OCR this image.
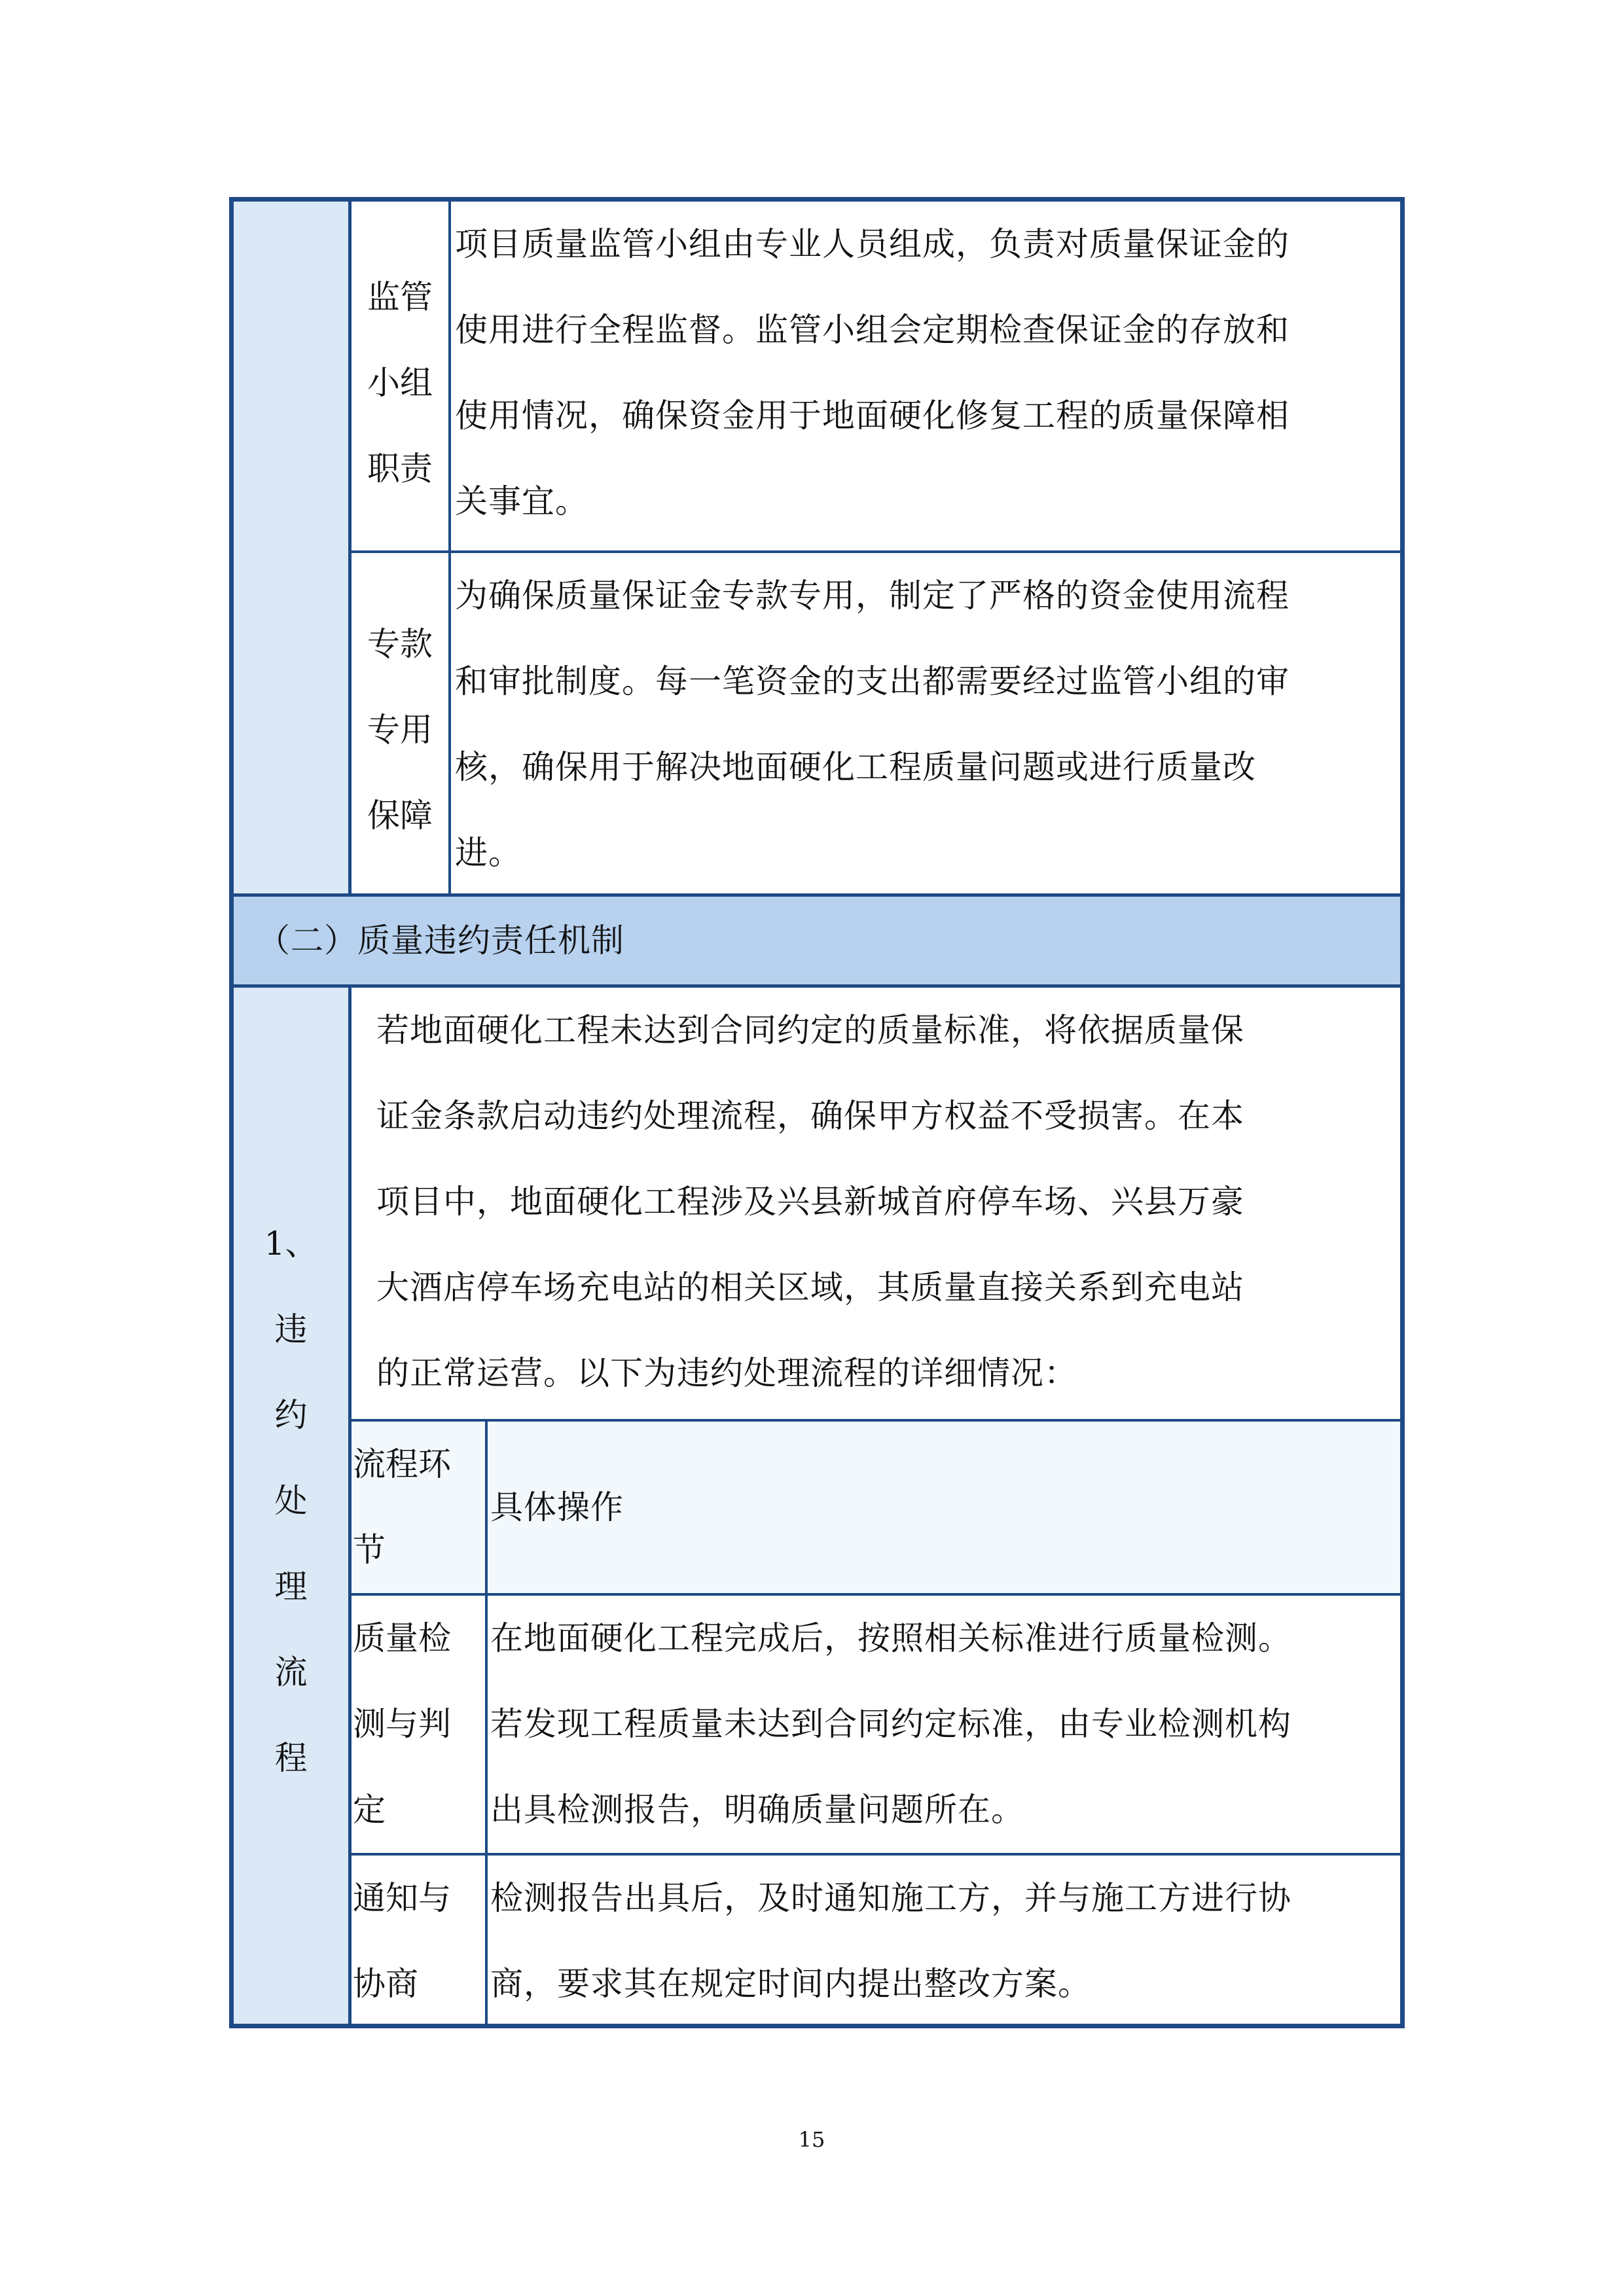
监管

小组

职责

项目质量监管小组由专业人员组成，负责对质量保证金的

使用进行全程监督。监管小组会定期检查保证金的存放和

使用情况，确保资金用于地面硬化修复工程的质量保障相

关事宜。

专款

专用

保障

为确保质量保证金专款专用，制定了严格的资金使用流程

和审批制度。每一笔资金的支出都需要经过监管小组的审

核，确保用于解决地面硬化工程质量问题或进行质量改

进。

（二）质量违约责任机制

1、

违

约

处

理

流

程

若地面硬化工程未达到合同约定的质量标准，将依据质量保

证金条款启动违约处理流程，确保甲方权益不受损害。在本

项目中，地面硬化工程涉及兴县新城首府停车场、兴县万豪

大酒店停车场充电站的相关区域，其质量直接关系到充电站

的正常运营。以下为违约处理流程的详细情况：

流程环

节

具体操作

质量检

测与判

定

在地面硬化工程完成后，按照相关标准进行质量检测。

若发现工程质量未达到合同约定标准，由专业检测机构

出具检测报告，明确质量问题所在。

通知与

协商

检测报告出具后，及时通知施工方，并与施工方进行协

商，要求其在规定时间内提出整改方案。

15
